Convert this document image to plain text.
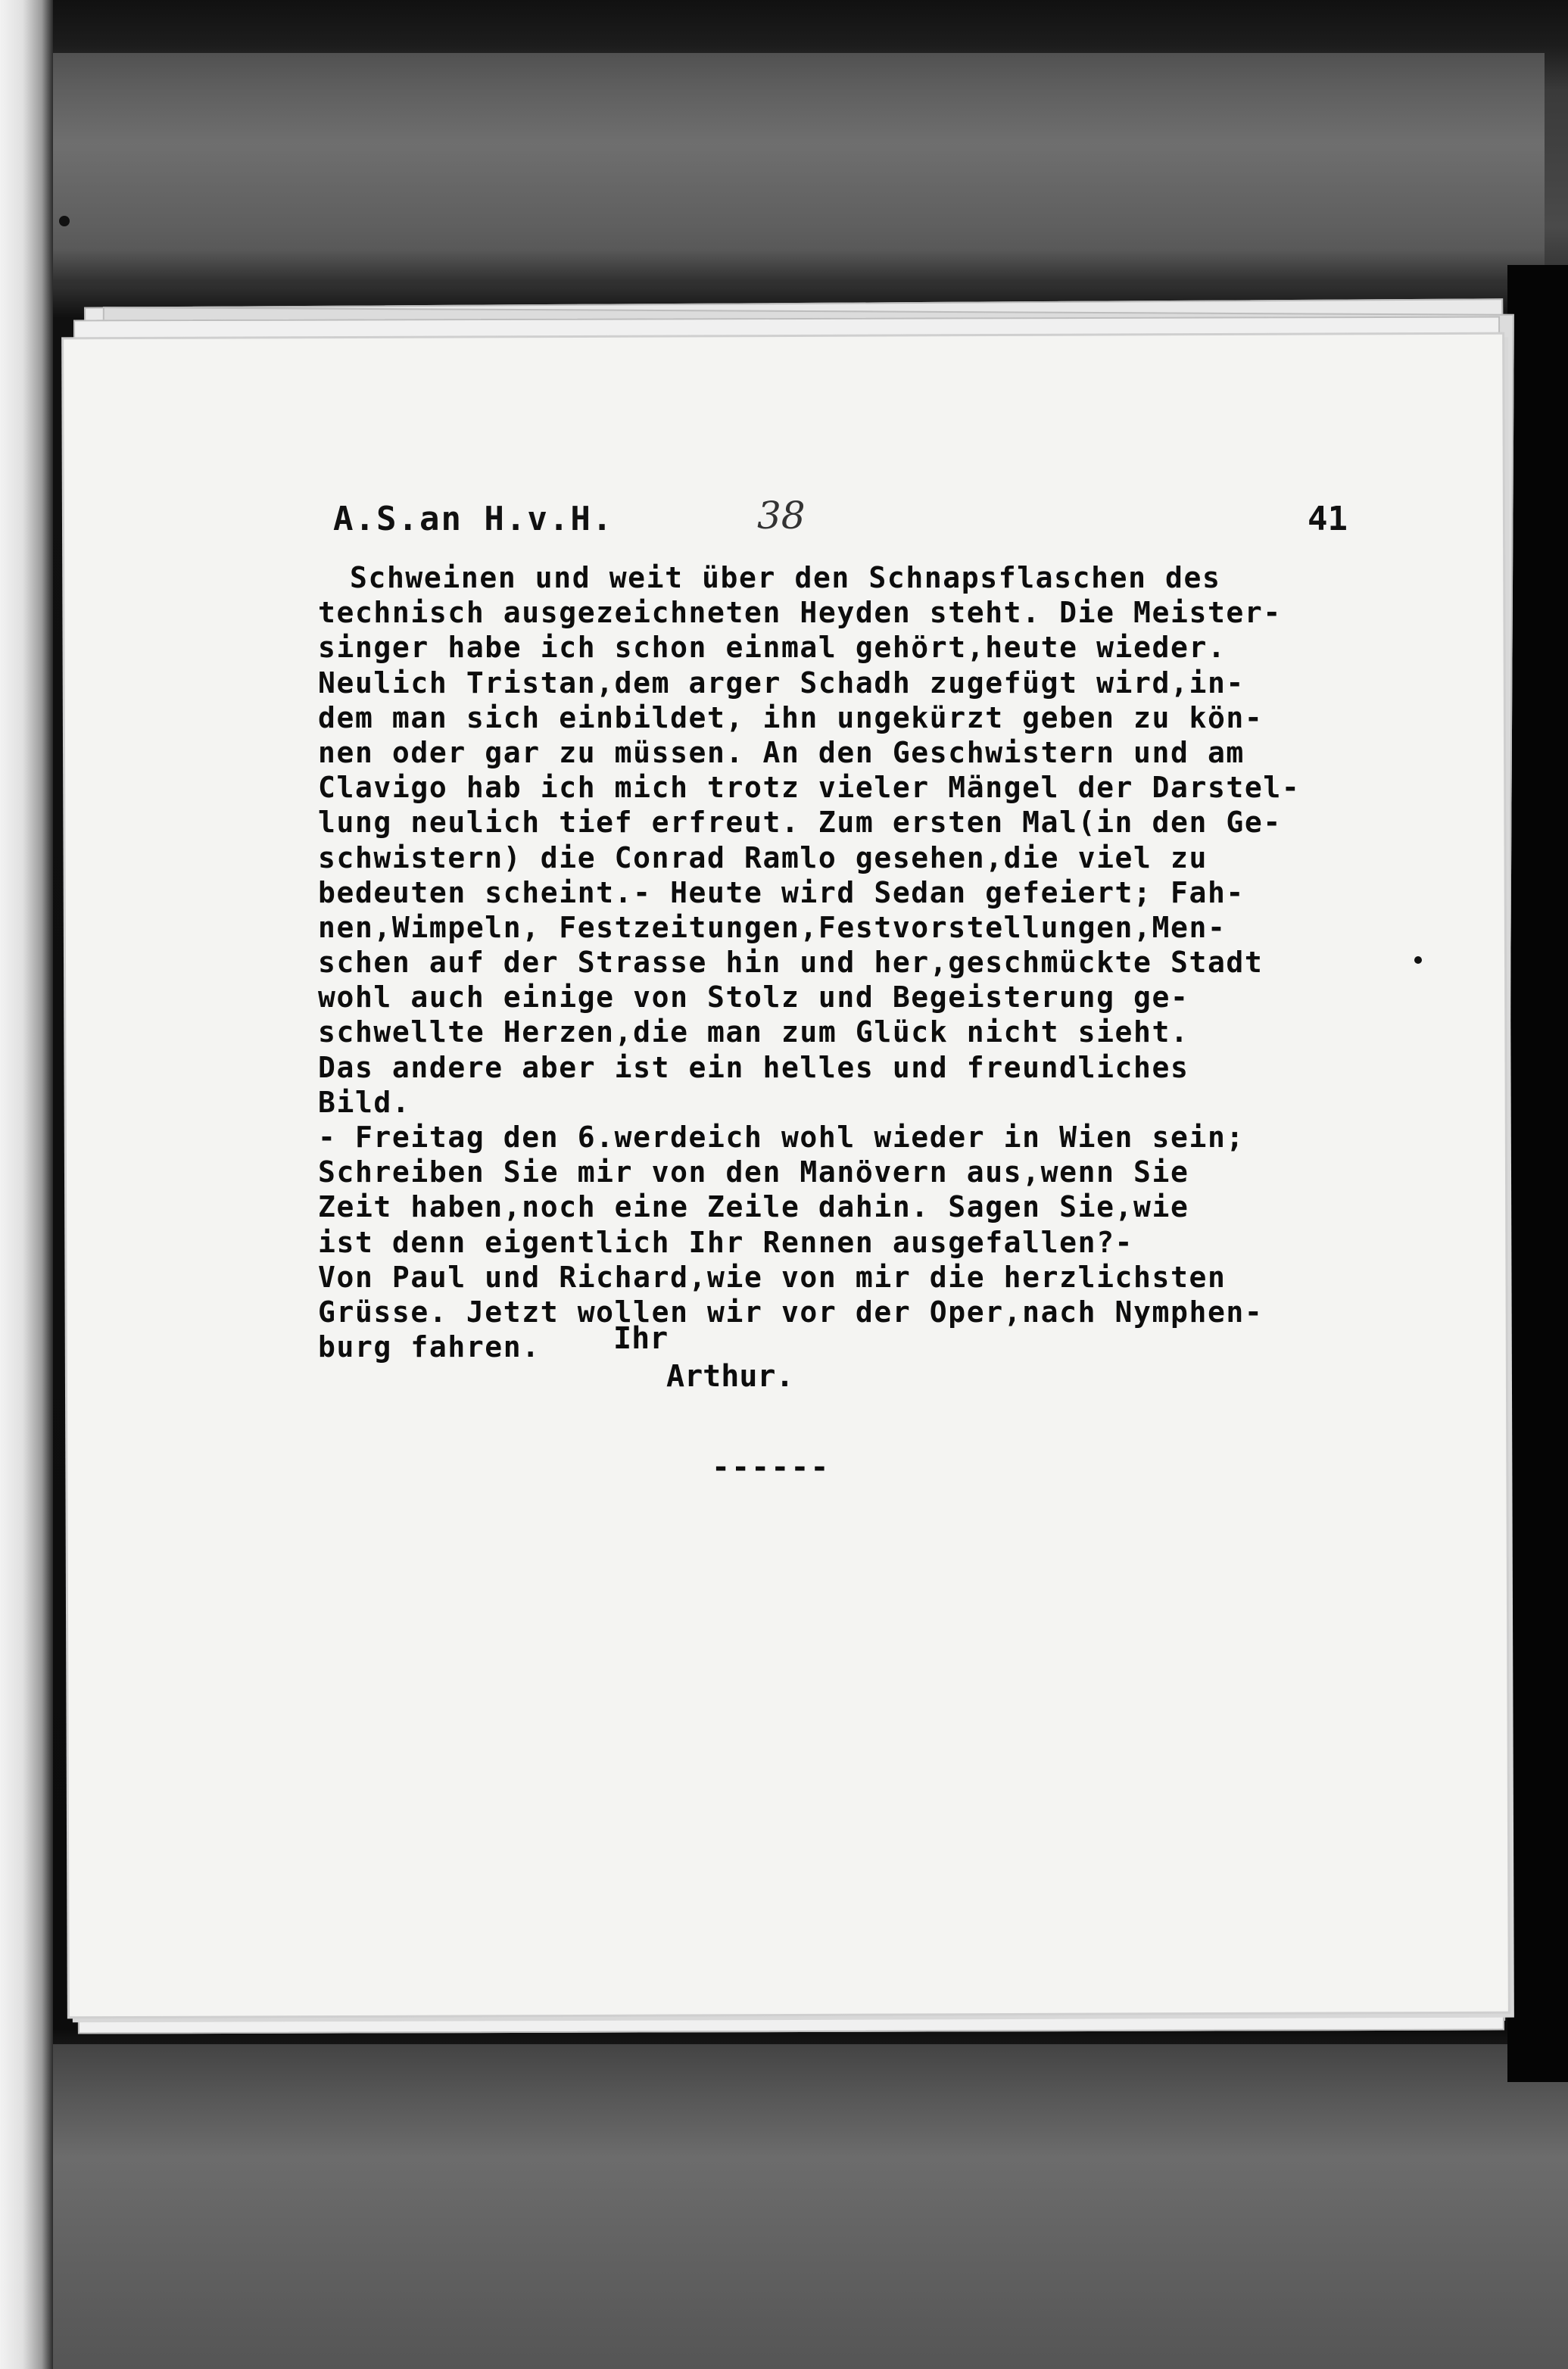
A.S.an H.v.H.	38	41
Schweinen und weit über den Schnapsflaschen des
technisch ausgezeichneten Heyden steht. Die Meister-
singer habe ich schon einmal gehört,heute wieder.
Neulich Tristan,dem arger Schadh zugefügt wird,in-
dem man sich einbildet, ihn ungekürzt geben zu kön-
nen oder gar zu müssen. An den Geschwistern und am
Clavigo hab ich mich trotz vieler Mängel der Darstel-
lung neulich tief erfreut. Zum ersten Mal(in den Ge-
schwistern) die Conrad Ramlo gesehen,die viel zu
bedeuten scheint.- Heute wird Sedan gefeiert; Fah-
nen,Wimpeln, Festzeitungen,Festvorstellungen,Men-
schen auf der Strasse hin und her,geschmückte Stadt
wohl auch einige von Stolz und Begeisterung ge-
schwellte Herzen,die man zum Glück nicht sieht.
Das andere aber ist ein helles und freundliches
Bild.
- Freitag den 6.werdeich wohl wieder in Wien sein;
Schreiben Sie mir von den Manövern aus,wenn Sie
Zeit haben,noch eine Zeile dahin. Sagen Sie,wie
ist denn eigentlich Ihr Rennen ausgefallen?-
Von Paul und Richard,wie von mir die herzlichsten
Grüsse. Jetzt wollen wir vor der Oper,nach Nymphen-
burg fahren.	Ihr
Arthur.
------
